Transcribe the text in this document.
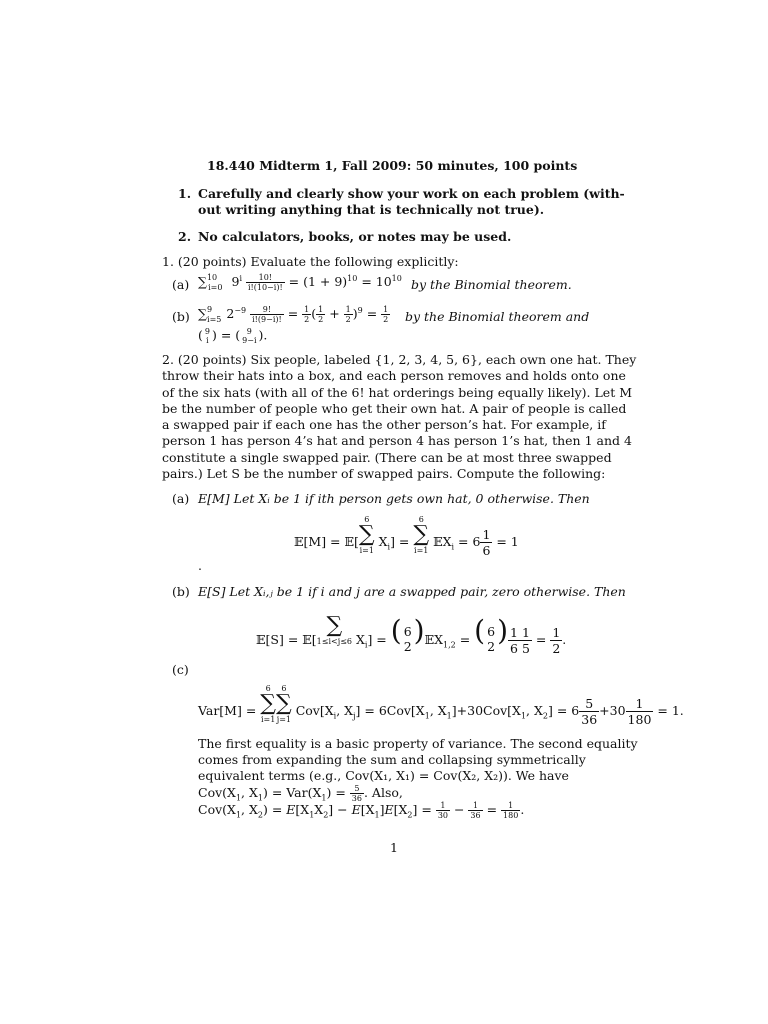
18.440 Midterm 1, Fall 2009: 50 minutes, 100 points
1. Carefully and clearly show your work on each problem (with-
out writing anything that is technically not true).
2. No calculators, books, or notes may be used.
1. (20 points) Evaluate the following explicitly:
(a) ∑$^{10}_{i=0}$ $9^i \frac{10!}{i!(10-i)!} = (1 + 9)^{10} = 10^{10}$ by the Binomial theorem.
(b) ∑$^9_{i=5}$ $2^{-9} \frac{9!}{i!(9-i)!} = \frac{1}{2}$ ( $\frac{1}{2} + \frac{1}{2} )^9 = \frac{1}{2}$ by the Binomial theorem and
( 9
i ) = ( 9
9−i ).
2. (20 points) Six people, labeled {1, 2, 3, 4, 5, 6}, each own one hat. They
throw their hats into a box, and each person removes and holds onto one
of the six hats (with all of the 6! hat orderings being equally likely). Let M
be the number of people who get their own hat. A pair of people is called
a swapped pair if each one has the other person’s hat. For example, if
person 1 has person 4’s hat and person 4 has person 1’s hat, then 1 and 4
constitute a single swapped pair. (There can be at most three swapped
pairs.) Let S be the number of swapped pairs. Compute the following:
(a) E[M] Let Xᵢ be 1 if ith person gets own hat, 0 otherwise. Then
𝔼[M] = 𝔼[
6
∑
i=1
$X_i$] =
6
∑
i=1
𝔼X$_i$ = $6 \frac{1}{6} = 1$
.
(b) E[S] Let Xᵢ,ⱼ be 1 if i and j are a swapped pair, zero otherwise. Then
𝔼[S] = 𝔼[

∑
1≤i<j≤6 $X_i$] = ( 6
2 )𝔼X$_{1,2}$ = ( 6
2 ) $\frac{1}{6} \frac{1}{5} = \frac{1}{2}$ .
(c)
Var[M] =
6
∑
i=1
6
∑
j=1
$Cov[X_i$, $X_j] = 6Cov[X_1$, $X_1]+30Cov[X_1$, $X_2] = 6 \frac{5}{36} +30 \frac{1}{180} = 1$.
The first equality is a basic property of variance. The second equality
comes from expanding the sum and collapsing symmetrically
equivalent terms (e.g., Cov(X₁, X₁) = Cov(X₂, X₂)). We have
$Cov(X_1$, $X_1) = Var(X_1) = \frac{5}{36}$ . Also,
$Cov(X_1$, $X_2) = E[X_1X_2] - E[X_1]E[X_2] = \frac{1}{30} - \frac{1}{36} = \frac{1}{180}$ .
1
